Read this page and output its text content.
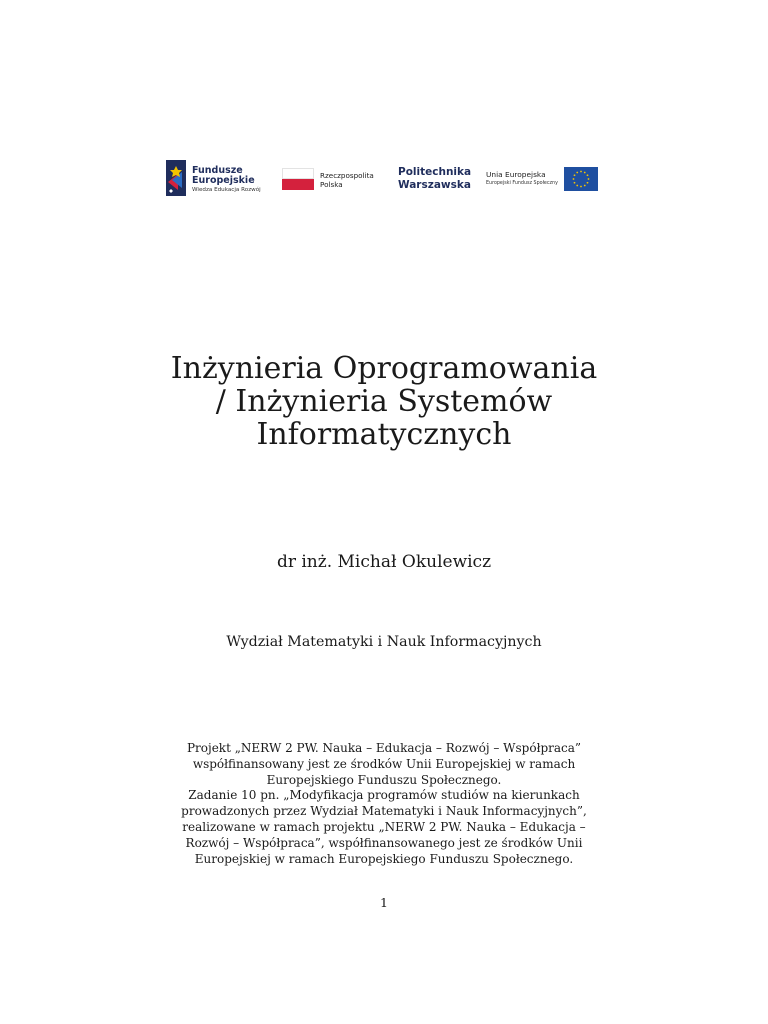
Fundusze
Europejskie
Wiedza Edukacja Rozwój
Rzeczpospolita
Polska
Politechnika
Warszawska
Unia Europejska
Europejski Fundusz Społeczny
Inżynieria Oprogramowania
/ Inżynieria Systemów
Informatycznych
dr inż. Michał Okulewicz
Wydział Matematyki i Nauk Informacyjnych
Projekt „NERW 2 PW. Nauka – Edukacja – Rozwój – Współpraca”
współfinansowany jest ze środków Unii Europejskiej w ramach
Europejskiego Funduszu Społecznego.
Zadanie 10 pn. „Modyfikacja programów studiów na kierunkach
prowadzonych przez Wydział Matematyki i Nauk Informacyjnych”,
realizowane w ramach projektu „NERW 2 PW. Nauka – Edukacja –
Rozwój – Współpraca”, współfinansowanego jest ze środków Unii
Europejskiej w ramach Europejskiego Funduszu Społecznego.
1
